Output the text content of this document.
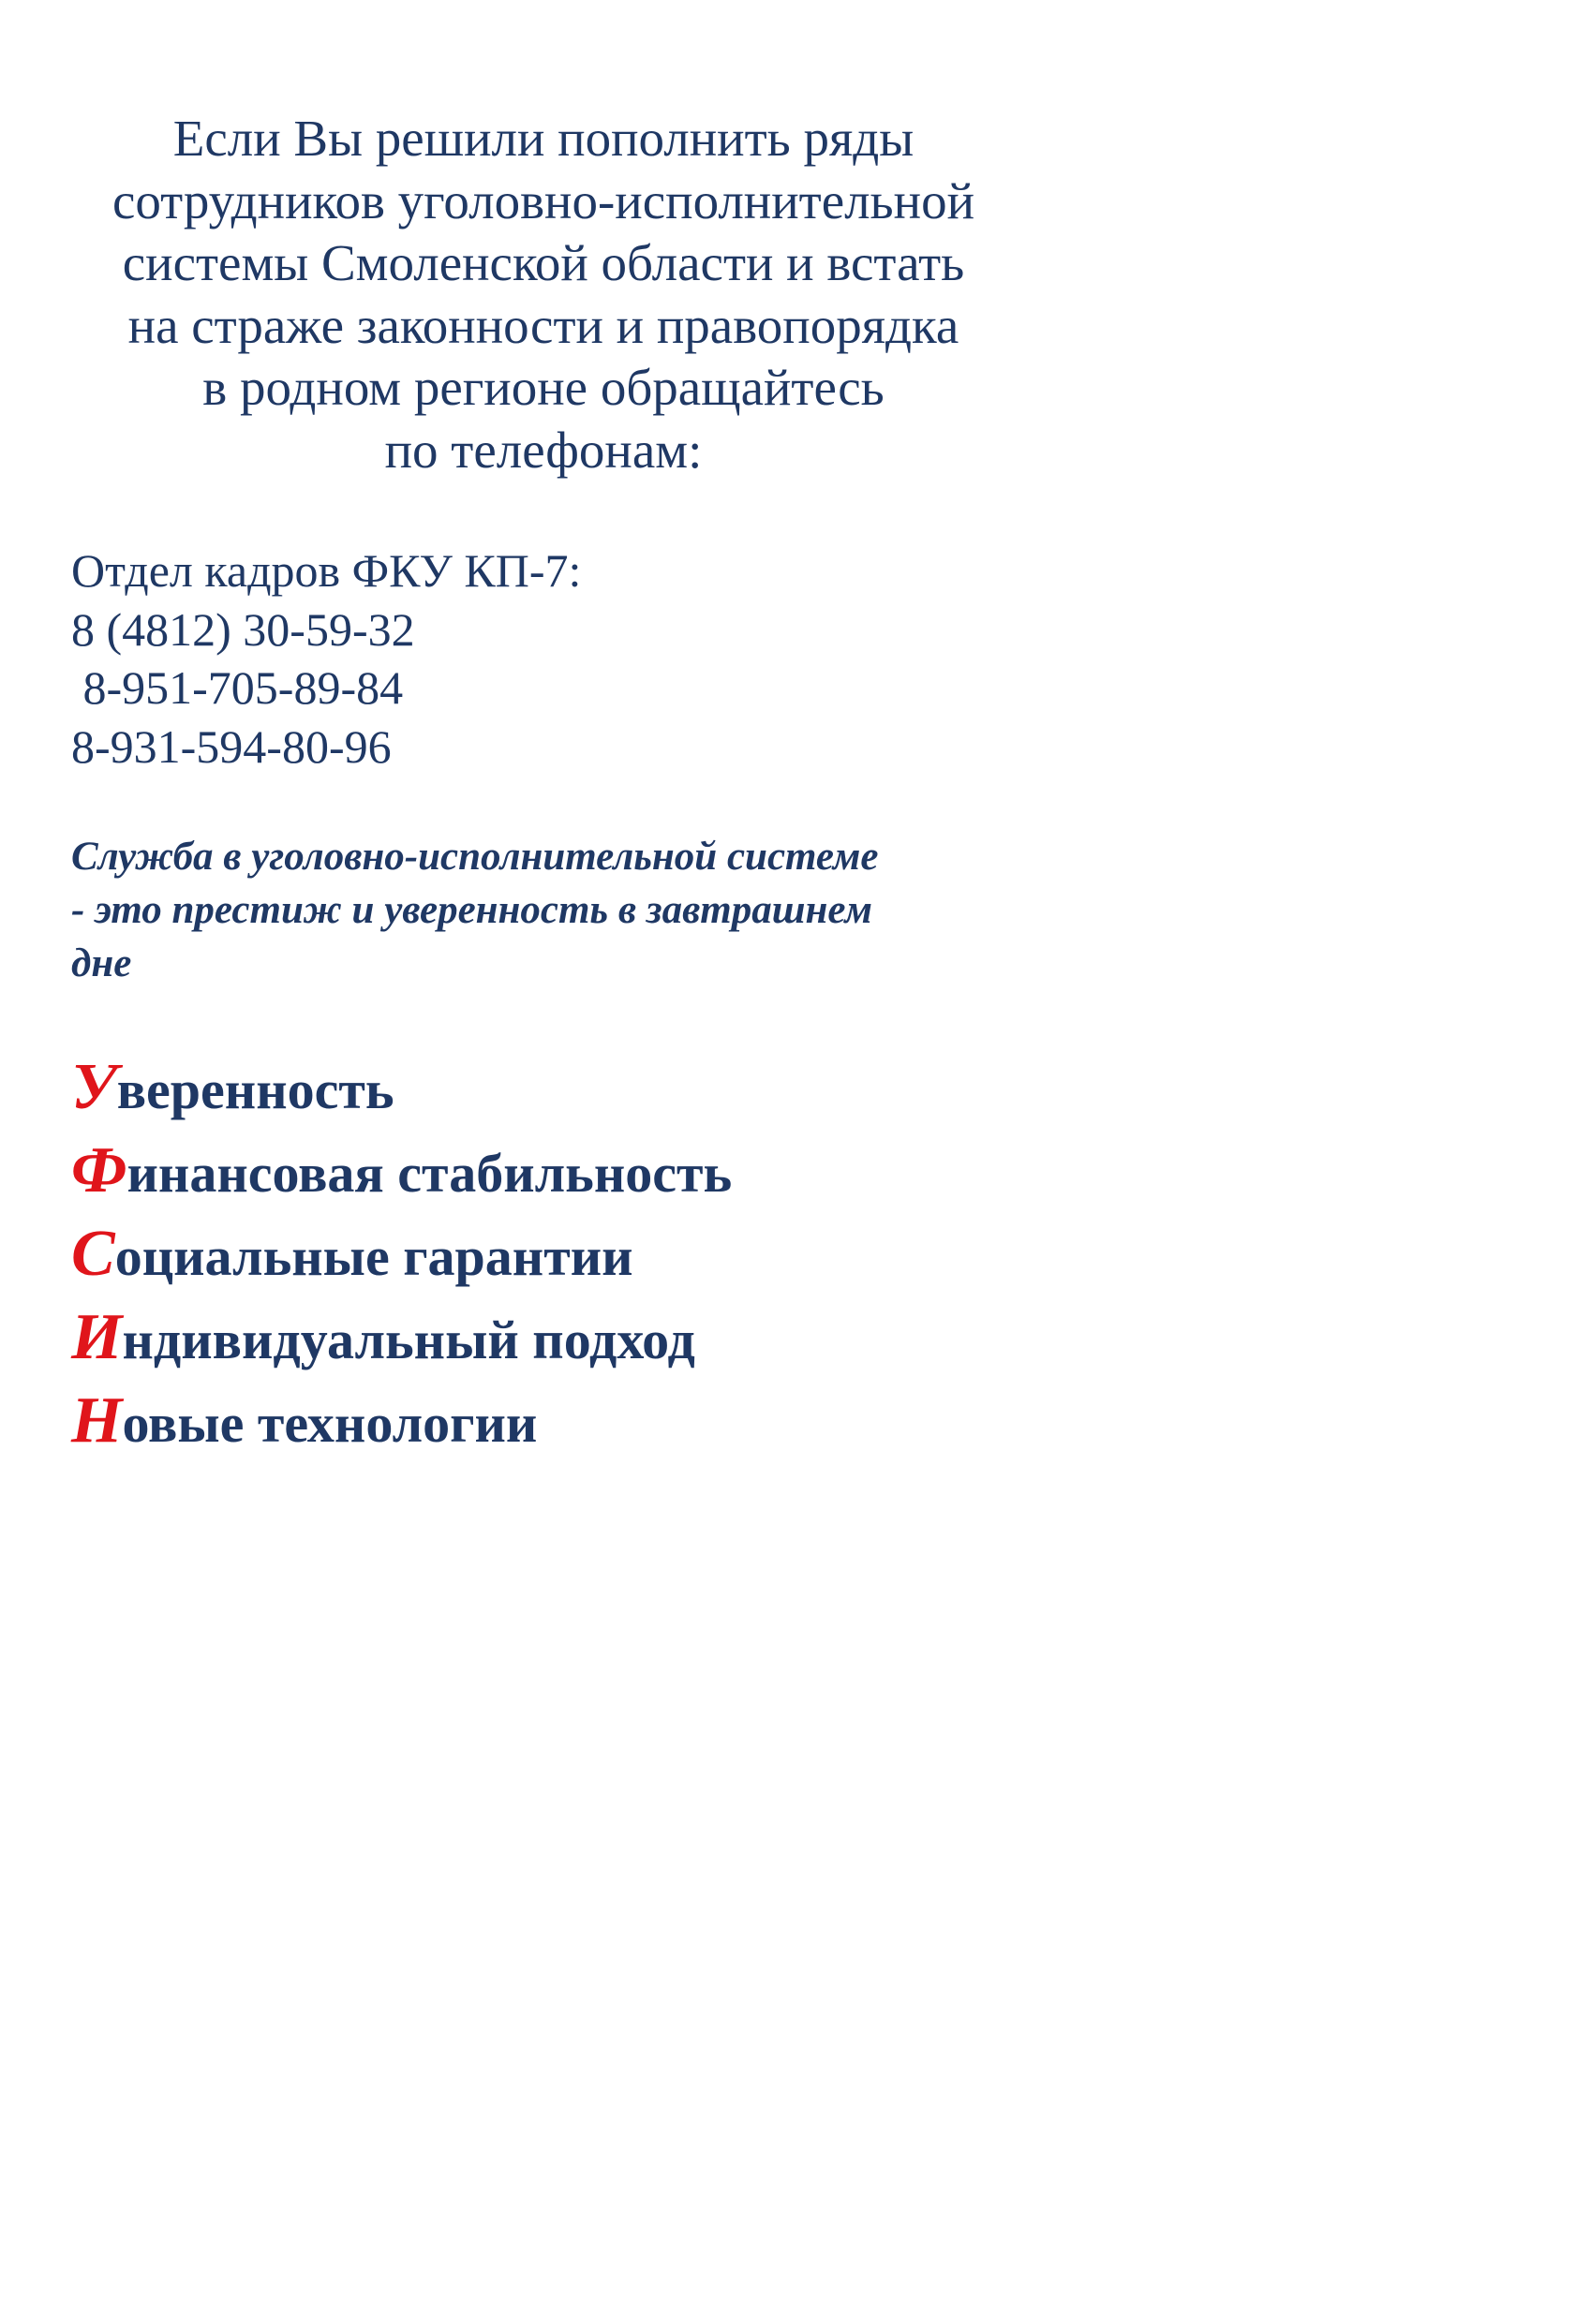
Если Вы решили пополнить ряды
сотрудников уголовно-исполнительной
системы Смоленской области и встать
на страже законности и правопорядка
в родном регионе обращайтесь
по телефонам:
Отдел кадров ФКУ КП-7:
8 (4812) 30-59-32
8-951-705-89-84
8-931-594-80-96
Служба в уголовно-исполнительной системе
- это престиж и уверенность в завтрашнем
дне
Уверенность
Финансовая стабильность
Социальные гарантии
Индивидуальный подход
Новые технологии
